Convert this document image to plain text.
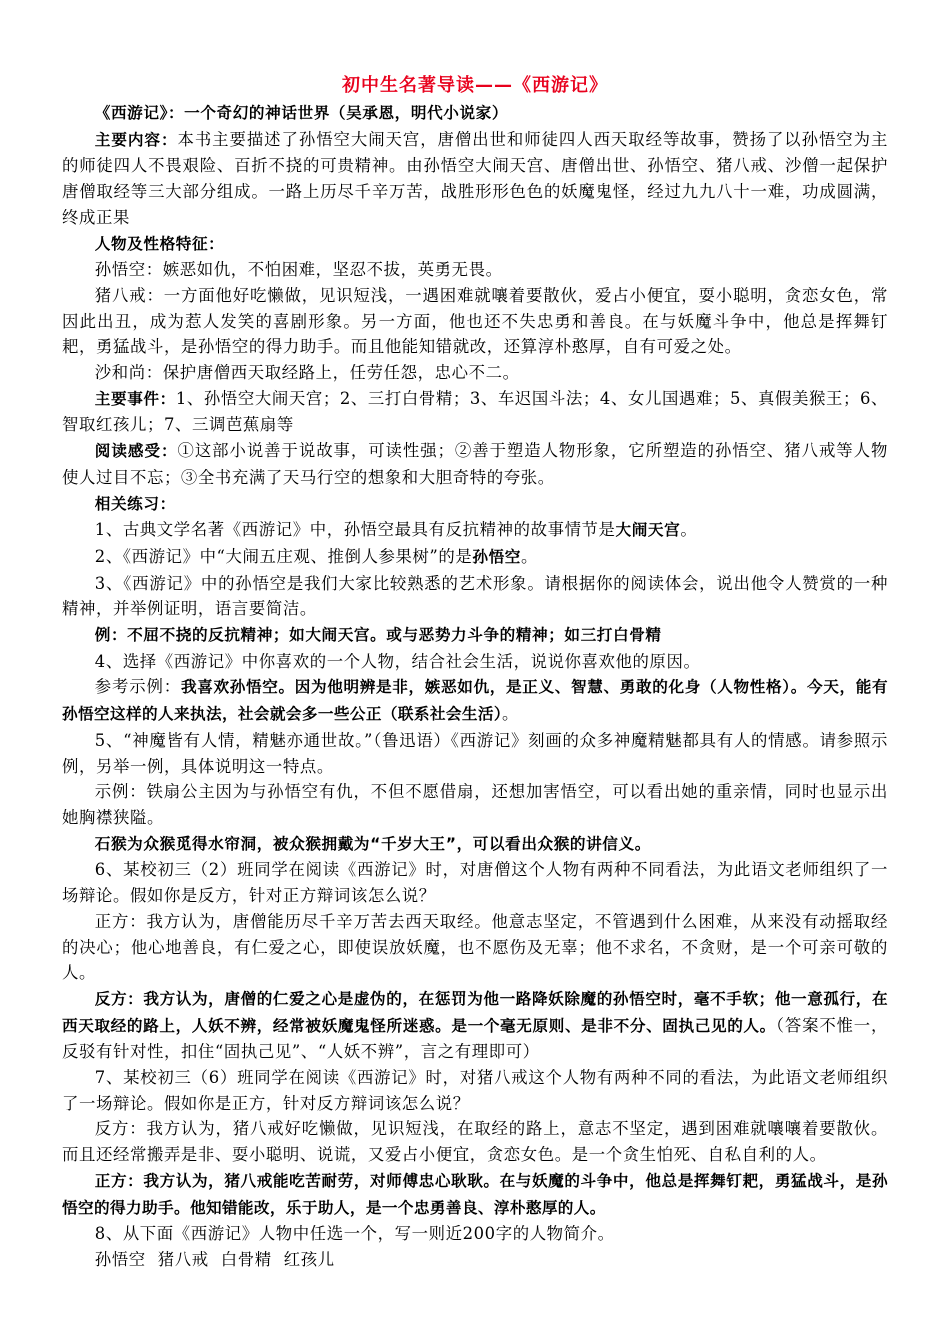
初中生名著导读——《西游记》

《西游记》：一个奇幻的神话世界（吴承恩，明代小说家）

主要内容：本书主要描述了孙悟空大闹天宫，唐僧出世和师徒四人西天取经等故事，赞扬了以孙悟空为主的师徒四人不畏艰险、百折不挠的可贵精神。由孙悟空大闹天宫、唐僧出世、孙悟空、猪八戒、沙僧一起保护唐僧取经等三大部分组成。一路上历尽千辛万苦，战胜形形色色的妖魔鬼怪，经过九九八十一难，功成圆满，终成正果

人物及性格特征：

孙悟空：嫉恶如仇，不怕困难，坚忍不拔，英勇无畏。

猪八戒：一方面他好吃懒做，见识短浅，一遇困难就嚷着要散伙，爱占小便宜，耍小聪明，贪恋女色，常因此出丑，成为惹人发笑的喜剧形象。另一方面，他也还不失忠勇和善良。在与妖魔斗争中，他总是挥舞钉耙，勇猛战斗，是孙悟空的得力助手。而且他能知错就改，还算淳朴憨厚，自有可爱之处。

沙和尚：保护唐僧西天取经路上，任劳任怨，忠心不二。

主要事件：1、孙悟空大闹天宫；2、三打白骨精；3、车迟国斗法；4、女儿国遇难；5、真假美猴王；6、智取红孩儿；7、三调芭蕉扇等

阅读感受：①这部小说善于说故事，可读性强；②善于塑造人物形象，它所塑造的孙悟空、猪八戒等人物使人过目不忘；③全书充满了天马行空的想象和大胆奇特的夸张。

相关练习：

1、古典文学名著《西游记》中，孙悟空最具有反抗精神的故事情节是大闹天宫。

2、《西游记》中“大闹五庄观、推倒人参果树”的是孙悟空。

3、《西游记》中的孙悟空是我们大家比较熟悉的艺术形象。请根据你的阅读体会，说出他令人赞赏的一种精神，并举例证明，语言要简洁。

例：不屈不挠的反抗精神；如大闹天宫。或与恶势力斗争的精神；如三打白骨精

4、选择《西游记》中你喜欢的一个人物，结合社会生活，说说你喜欢他的原因。

参考示例：我喜欢孙悟空。因为他明辨是非，嫉恶如仇，是正义、智慧、勇敢的化身（人物性格）。今天，能有孙悟空这样的人来执法，社会就会多一些公正（联系社会生活）。

5、“神魔皆有人情，精魅亦通世故。”（鲁迅语）《西游记》刻画的众多神魔精魅都具有人的情感。请参照示例，另举一例，具体说明这一特点。

示例：铁扇公主因为与孙悟空有仇，不但不愿借扇，还想加害悟空，可以看出她的重亲情，同时也显示出她胸襟狭隘。

石猴为众猴觅得水帘洞，被众猴拥戴为“千岁大王”，可以看出众猴的讲信义。

6、某校初三（2）班同学在阅读《西游记》时，对唐僧这个人物有两种不同看法，为此语文老师组织了一场辩论。假如你是反方，针对正方辩词该怎么说？

正方：我方认为，唐僧能历尽千辛万苦去西天取经。他意志坚定，不管遇到什么困难，从来没有动摇取经的决心；他心地善良，有仁爱之心，即使误放妖魔，也不愿伤及无辜；他不求名，不贪财，是一个可亲可敬的人。

反方：我方认为，唐僧的仁爱之心是虚伪的，在惩罚为他一路降妖除魔的孙悟空时，毫不手软；他一意孤行，在西天取经的路上，人妖不辨，经常被妖魔鬼怪所迷惑。是一个毫无原则、是非不分、固执己见的人。（答案不惟一，反驳有针对性，扣住“固执己见”、“人妖不辨”，言之有理即可）

7、某校初三（6）班同学在阅读《西游记》时，对猪八戒这个人物有两种不同的看法，为此语文老师组织了一场辩论。假如你是正方，针对反方辩词该怎么说？

反方：我方认为，猪八戒好吃懒做，见识短浅，在取经的路上，意志不坚定，遇到困难就嚷嚷着要散伙。而且还经常搬弄是非、耍小聪明、说谎，又爱占小便宜，贪恋女色。是一个贪生怕死、自私自利的人。

正方：我方认为，猪八戒能吃苦耐劳，对师傅忠心耿耿。在与妖魔的斗争中，他总是挥舞钉耙，勇猛战斗，是孙悟空的得力助手。他知错能改，乐于助人，是一个忠勇善良、淳朴憨厚的人。

8、从下面《西游记》人物中任选一个，写一则近200字的人物简介。

孙悟空 猪八戒 白骨精 红孩儿
